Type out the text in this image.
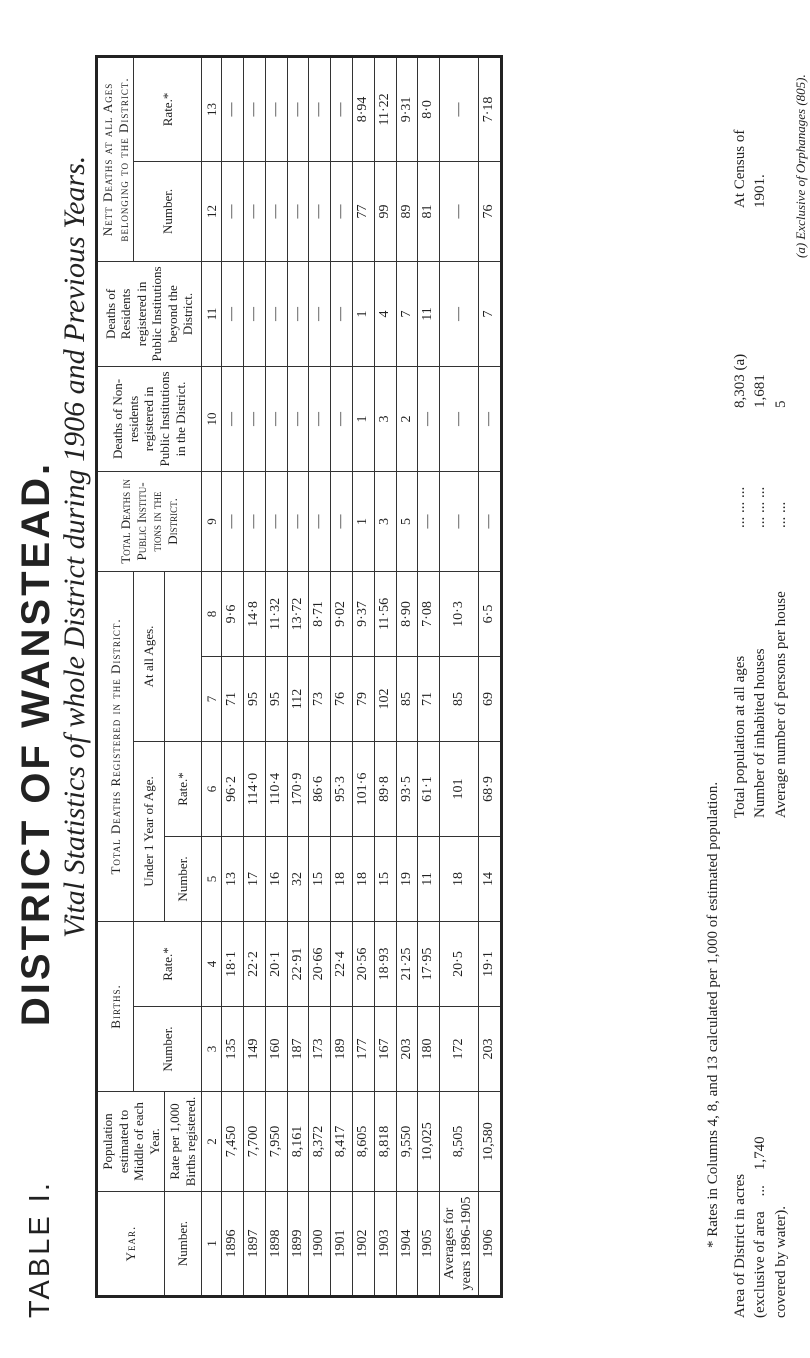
TABLE I. DISTRICT OF WANSTEAD. Vital Statistics of whole District during 1906 and Previous Years.
Year.	Population estimated to Middle of each Year.	Births.		Total Deaths Registered in the District.				Total Deaths in Public Institu- tions in the District.	Deaths of Non- residents registered in Public Institutions in the District.	Deaths of Residents registered in Public Institutions beyond the District.	Nett Deaths at all Ages belonging to the District.	
		Number.	Rate.*	Under 1 Year of Age.		At all Ages.					Number.	Rate.*
Number.	Rate per 1,000 Births registered.			Number.	Rate.*							
1	2	3	4	5	6	7	8	9	10	11	12	13
1896	7,450	135	18·1	13	96·2	71	9·6	—	—	—	—	—
1897	7,700	149	22·2	17	114·0	95	14·8	—	—	—	—	—
1898	7,950	160	20·1	16	110·4	95	11·32	—	—	—	—	—
1899	8,161	187	22·91	32	170·9	112	13·72	—	—	—	—	—
1900	8,372	173	20·66	15	86·6	73	8·71	—	—	—	—	—
1901	8,417	189	22·4	18	95·3	76	9·02	—	—	—	—	—
1902	8,605	177	20·56	18	101·6	79	9·37	1	1	1	77	8·94
1903	8,818	167	18·93	15	89·8	102	11·56	3	3	4	99	11·22
1904	9,550	203	21·25	19	93·5	85	8·90	5	2	7	89	9·31
1905	10,025	180	17·95	11	61·1	71	7·08	—	—	11	81	8·0
Averages for years 1896-1905	8,505	172	20·5	18	101	85	10·3	—	—	—	—	—
1906	10,580	203	19·1	14	68·9	69	6·5	—	—	7	76	7·18
* Rates in Columns 4, 8, and 13 calculated per 1,000 of estimated population. Area of District in acres (exclusive of area    ...    1,740
covered by water).
Total population at all ages... ... ...8,303 (a)
Number of inhabited houses... ... ...1,681
Average number of persons per house... ...5
(a) Exclusive of Orphanages (805).
At Census of 1901.
